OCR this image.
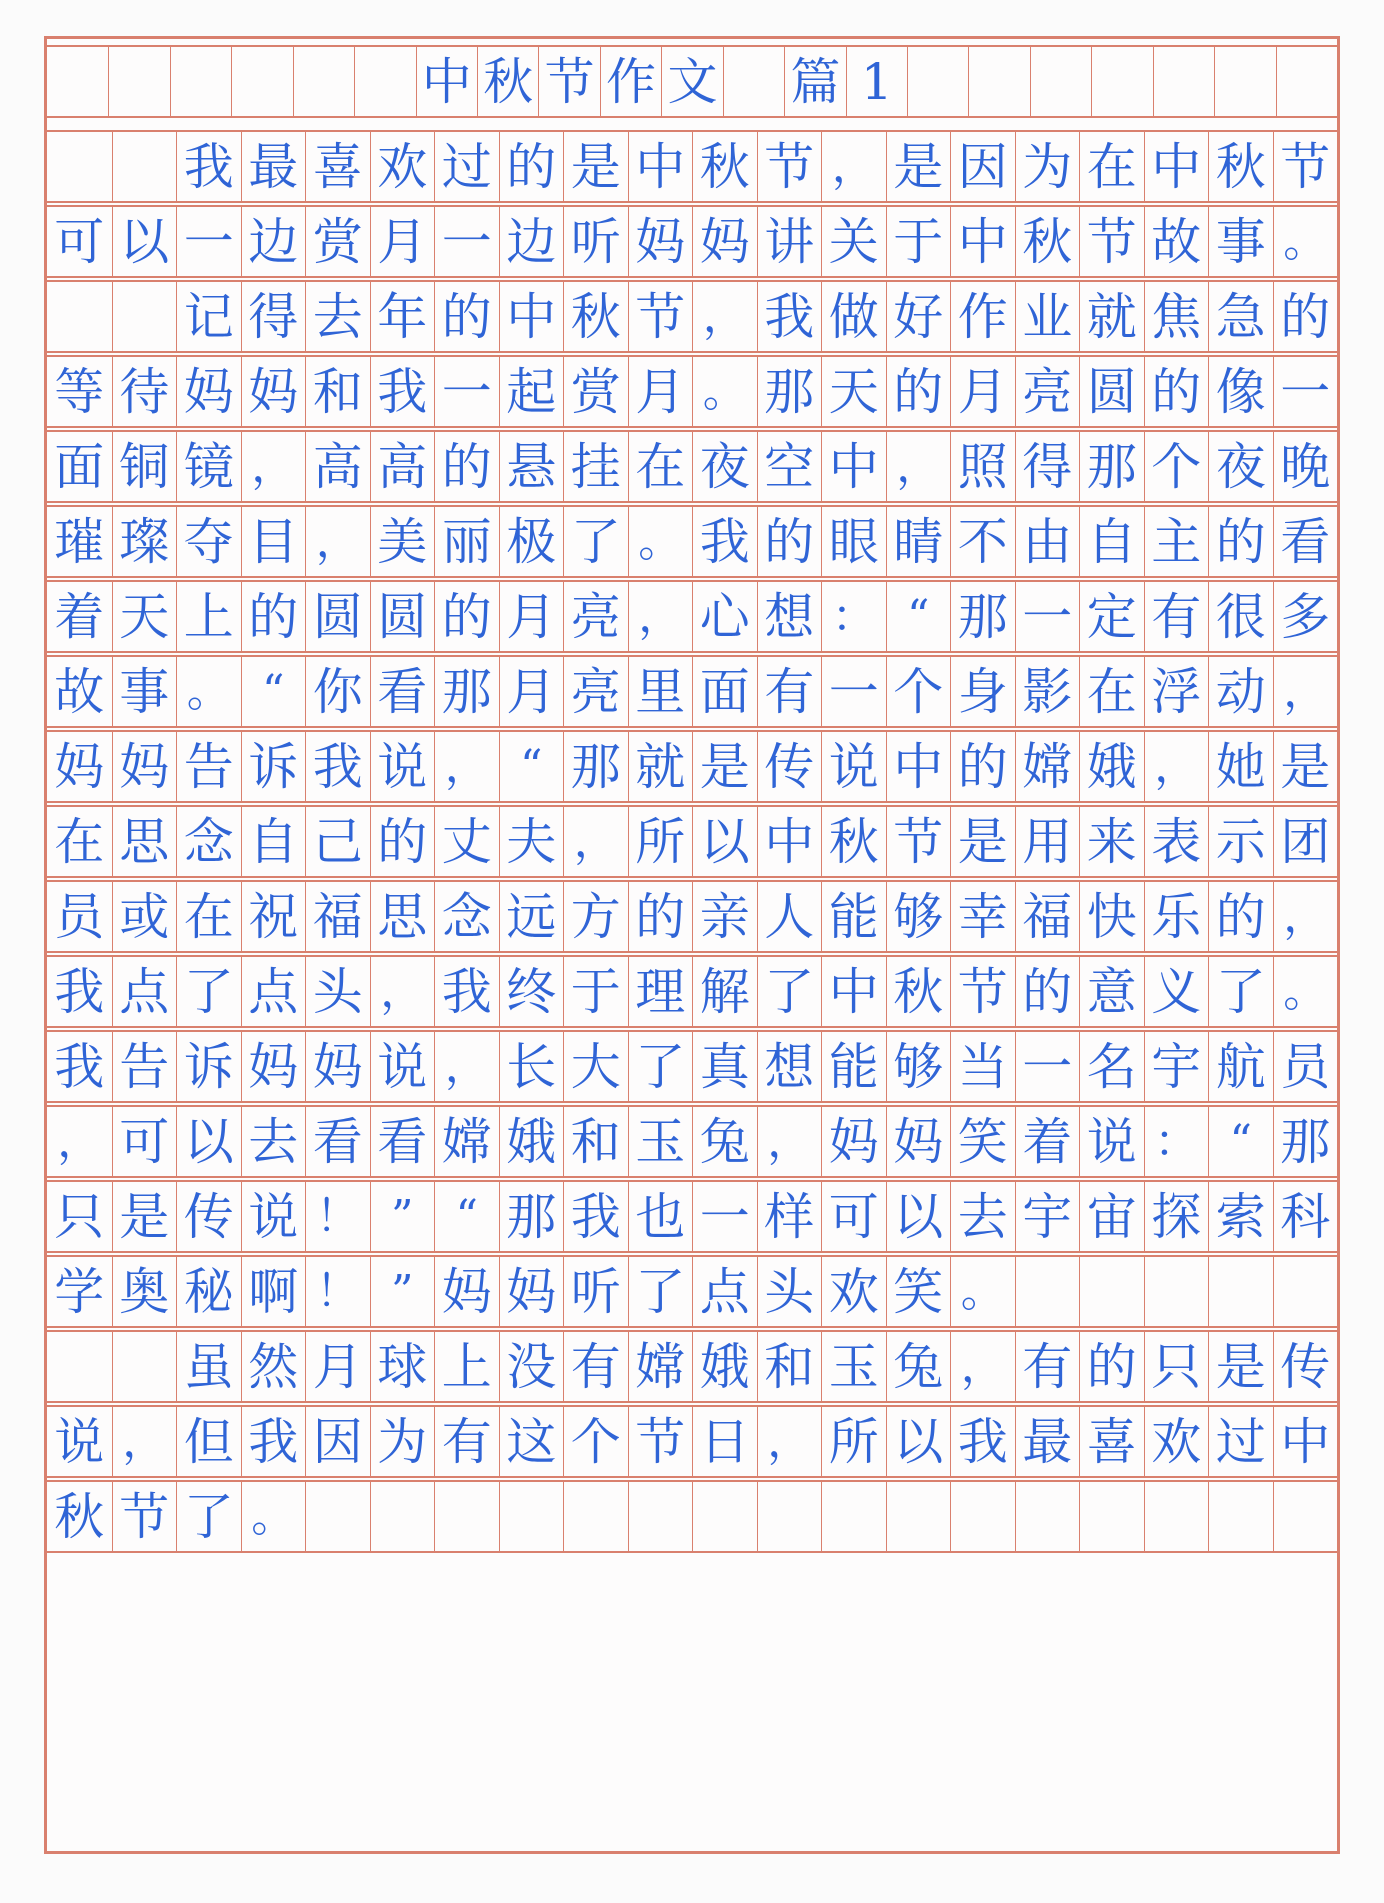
中 秋 节 作 文 篇 1
我 最 喜 欢 过 的 是 中 秋 节 ， 是 因 为 在 中 秋 节
可 以 一 边 赏 月 一 边 听 妈 妈 讲 关 于 中 秋 节 故 事 。
记 得 去 年 的 中 秋 节 ， 我 做 好 作 业 就 焦 急 的
等 待 妈 妈 和 我 一 起 赏 月 。 那 天 的 月 亮 圆 的 像 一
面 铜 镜 ， 高 高 的 悬 挂 在 夜 空 中 ， 照 得 那 个 夜 晚
璀 璨 夺 目 ， 美 丽 极 了 。 我 的 眼 睛 不 由 自 主 的 看
着 天 上 的 圆 圆 的 月 亮 ， 心 想 ： “ 那 一 定 有 很 多
故 事 。 “ 你 看 那 月 亮 里 面 有 一 个 身 影 在 浮 动 ，
妈 妈 告 诉 我 说 ， “ 那 就 是 传 说 中 的 嫦 娥 ， 她 是
在 思 念 自 己 的 丈 夫 ， 所 以 中 秋 节 是 用 来 表 示 团
员 或 在 祝 福 思 念 远 方 的 亲 人 能 够 幸 福 快 乐 的 ，
我 点 了 点 头 ， 我 终 于 理 解 了 中 秋 节 的 意 义 了 。
我 告 诉 妈 妈 说 ， 长 大 了 真 想 能 够 当 一 名 宇 航 员
， 可 以 去 看 看 嫦 娥 和 玉 兔 ， 妈 妈 笑 着 说 ： “ 那
只 是 传 说 ！ ” “ 那 我 也 一 样 可 以 去 宇 宙 探 索 科
学 奥 秘 啊 ！ ” 妈 妈 听 了 点 头 欢 笑 。
虽 然 月 球 上 没 有 嫦 娥 和 玉 兔 ， 有 的 只 是 传
说 ， 但 我 因 为 有 这 个 节 日 ， 所 以 我 最 喜 欢 过 中
秋 节 了 。
